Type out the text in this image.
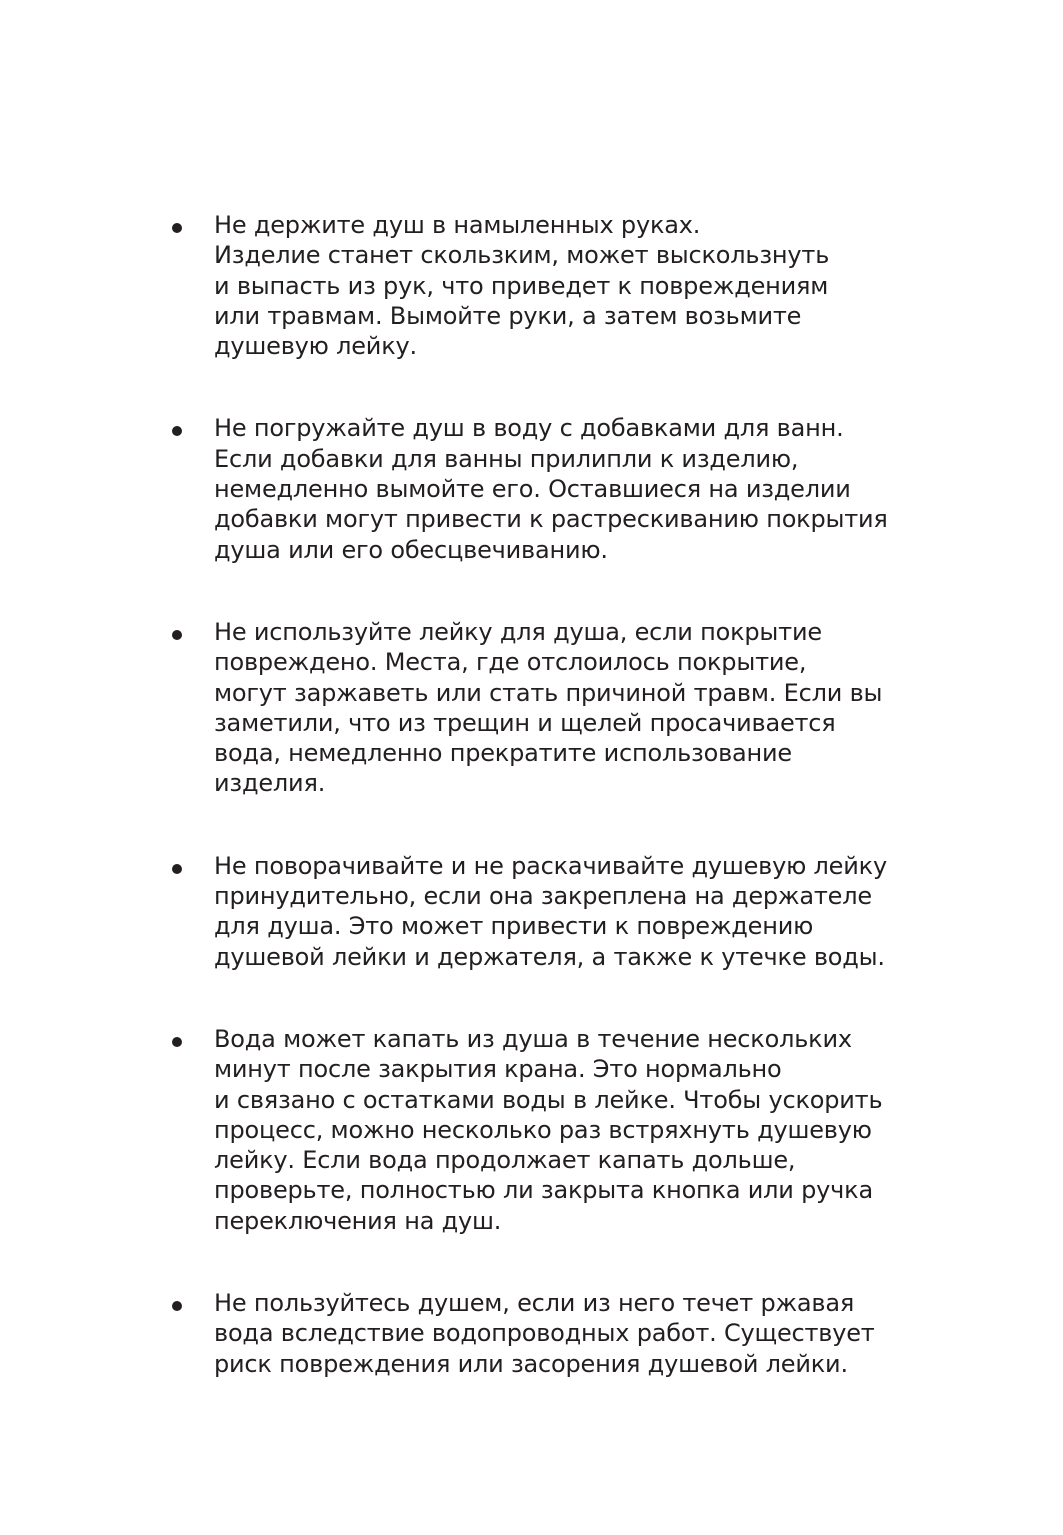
Не держите душ в намыленных руках.
Изделие станет скользким, может выскользнуть
и выпасть из рук, что приведет к повреждениям
или травмам. Вымойте руки, а затем возьмите
душевую лейку.
Не погружайте душ в воду с добавками для ванн.
Если добавки для ванны прилипли к изделию,
немедленно вымойте его. Оставшиеся на изделии
добавки могут привести к растрескиванию покрытия
душа или его обесцвечиванию.
Не используйте лейку для душа, если покрытие
повреждено. Места, где отслоилось покрытие,
могут заржаветь или стать причиной травм. Если вы
заметили, что из трещин и щелей просачивается
вода, немедленно прекратите использование
изделия.
Не поворачивайте и не раскачивайте душевую лейку
принудительно, если она закреплена на держателе
для душа. Это может привести к повреждению
душевой лейки и держателя, а также к утечке воды.
Вода может капать из душа в течение нескольких
минут после закрытия крана. Это нормально
и связано с остатками воды в лейке. Чтобы ускорить
процесс, можно несколько раз встряхнуть душевую
лейку. Если вода продолжает капать дольше,
проверьте, полностью ли закрыта кнопка или ручка
переключения на душ.
Не пользуйтесь душем, если из него течет ржавая
вода вследствие водопроводных работ. Существует
риск повреждения или засорения душевой лейки.
